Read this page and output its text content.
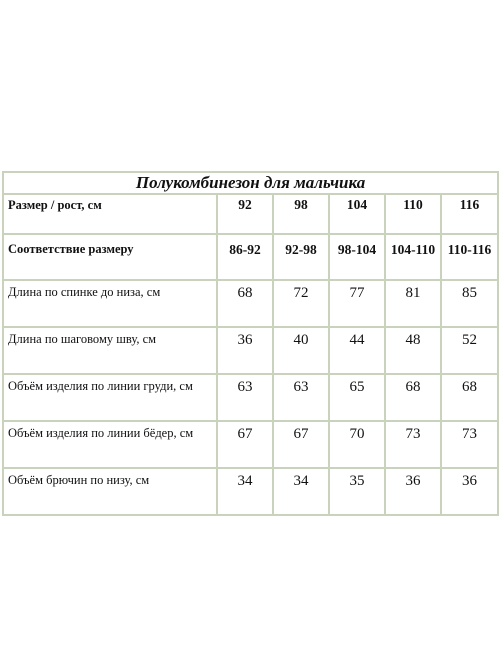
Полукомбинезон для мальчика					
Размер / рост, см	92	98	104	110	116
Соответствие размеру	86-92	92-98	98-104	104-110	110-116
Длина по спинке до низа, см	68	72	77	81	85
Длина по шаговому шву, см	36	40	44	48	52
Объём изделия по линии груди, см	63	63	65	68	68
Объём изделия по линии бёдер, см	67	67	70	73	73
Объём брючин по низу, см	34	34	35	36	36
